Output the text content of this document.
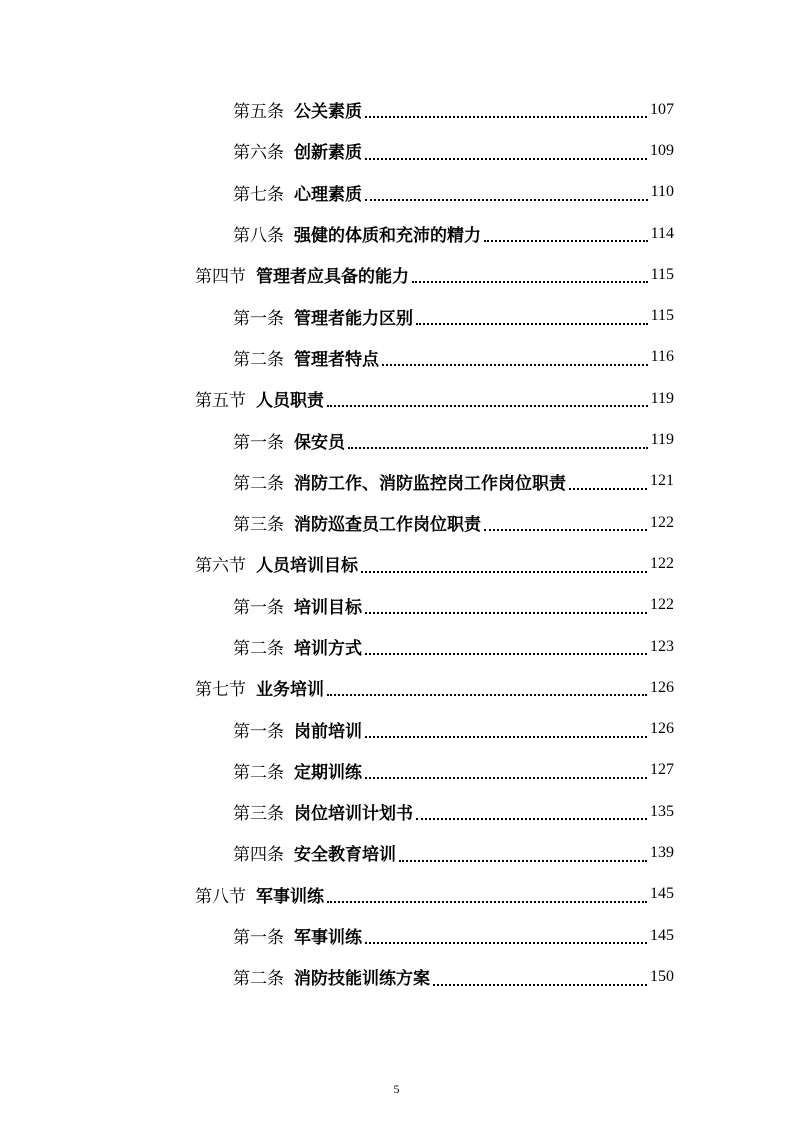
第五条 公关素质	107
第六条 创新素质	109
第七条 心理素质	110
第八条 强健的体质和充沛的精力	114
第四节 管理者应具备的能力	115
第一条 管理者能力区别	115
第二条 管理者特点	116
第五节 人员职责	119
第一条 保安员	119
第二条 消防工作、消防监控岗工作岗位职责	121
第三条 消防巡查员工作岗位职责	122
第六节 人员培训目标	122
第一条 培训目标	122
第二条 培训方式	123
第七节 业务培训	126
第一条 岗前培训	126
第二条 定期训练	127
第三条 岗位培训计划书	135
第四条 安全教育培训	139
第八节 军事训练	145
第一条 军事训练	145
第二条 消防技能训练方案	150
5
